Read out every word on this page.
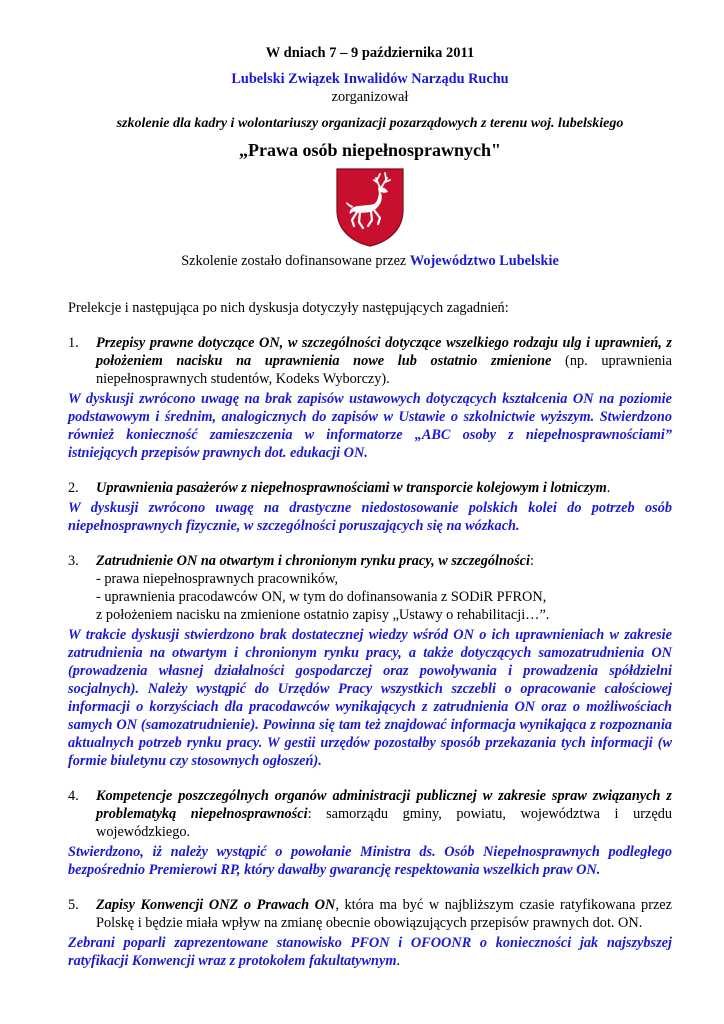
W dniach 7 – 9 października 2011
Lubelski Związek Inwalidów Narządu Ruchu
zorganizował
szkolenie dla kadry i wolontariuszy organizacji pozarządowych z terenu woj. lubelskiego
„Prawa osób niepełnosprawnych"
Szkolenie zostało dofinansowane przez Województwo Lubelskie
Prelekcje i następująca po nich dyskusja dotyczyły następujących zagadnień:
1.	Przepisy prawne dotyczące ON, w szczególności dotyczące wszelkiego rodzaju ulg i uprawnień, z położeniem nacisku na uprawnienia nowe lub ostatnio zmienione (np. uprawnienia niepełnosprawnych studentów, Kodeks Wyborczy).
W dyskusji zwrócono uwagę na brak zapisów ustawowych dotyczących kształcenia ON na poziomie podstawowym i średnim, analogicznych do zapisów w Ustawie o szkolnictwie wyższym. Stwierdzono również konieczność zamieszczenia w informatorze „ABC osoby z niepełnosprawnościami” istniejących przepisów prawnych dot. edukacji ON.
2.	Uprawnienia pasażerów z niepełnosprawnościami w transporcie kolejowym i lotniczym.
W dyskusji zwrócono uwagę na drastyczne niedostosowanie polskich kolei do potrzeb osób niepełnosprawnych fizycznie, w szczególności poruszających się na wózkach.
3.	Zatrudnienie ON na otwartym i chronionym rynku pracy, w szczególności:
- prawa niepełnosprawnych pracowników,
- uprawnienia pracodawców ON, w tym do dofinansowania z SODiR PFRON,
z położeniem nacisku na zmienione ostatnio zapisy „Ustawy o rehabilitacji…”.
W trakcie dyskusji stwierdzono brak dostatecznej wiedzy wśród ON o ich uprawnieniach w zakresie zatrudnienia na otwartym i chronionym rynku pracy, a także dotyczących samozatrudnienia ON (prowadzenia własnej działalności gospodarczej oraz powoływania i prowadzenia spółdzielni socjalnych). Należy wystąpić do Urzędów Pracy wszystkich szczebli o opracowanie całościowej informacji o korzyściach dla pracodawców wynikających z zatrudnienia ON oraz o możliwościach samych ON (samozatrudnienie). Powinna się tam też znajdować informacja wynikająca z rozpoznania aktualnych potrzeb rynku pracy. W gestii urzędów pozostałby sposób przekazania tych informacji (w formie biuletynu czy stosownych ogłoszeń).
4.	Kompetencje poszczególnych organów administracji publicznej w zakresie spraw związanych z problematyką niepełnosprawności: samorządu gminy, powiatu, województwa i urzędu wojewódzkiego.
Stwierdzono, iż należy wystąpić o powołanie Ministra ds. Osób Niepełnosprawnych podległego bezpośrednio Premierowi RP, który dawałby gwarancję respektowania wszelkich praw ON.
5.	Zapisy Konwencji ONZ o Prawach ON, która ma być w najbliższym czasie ratyfikowana przez Polskę i będzie miała wpływ na zmianę obecnie obowiązujących przepisów prawnych dot. ON.
Zebrani poparli zaprezentowane stanowisko PFON i OFOONR o konieczności jak najszybszej ratyfikacji Konwencji wraz z protokołem fakultatywnym.
